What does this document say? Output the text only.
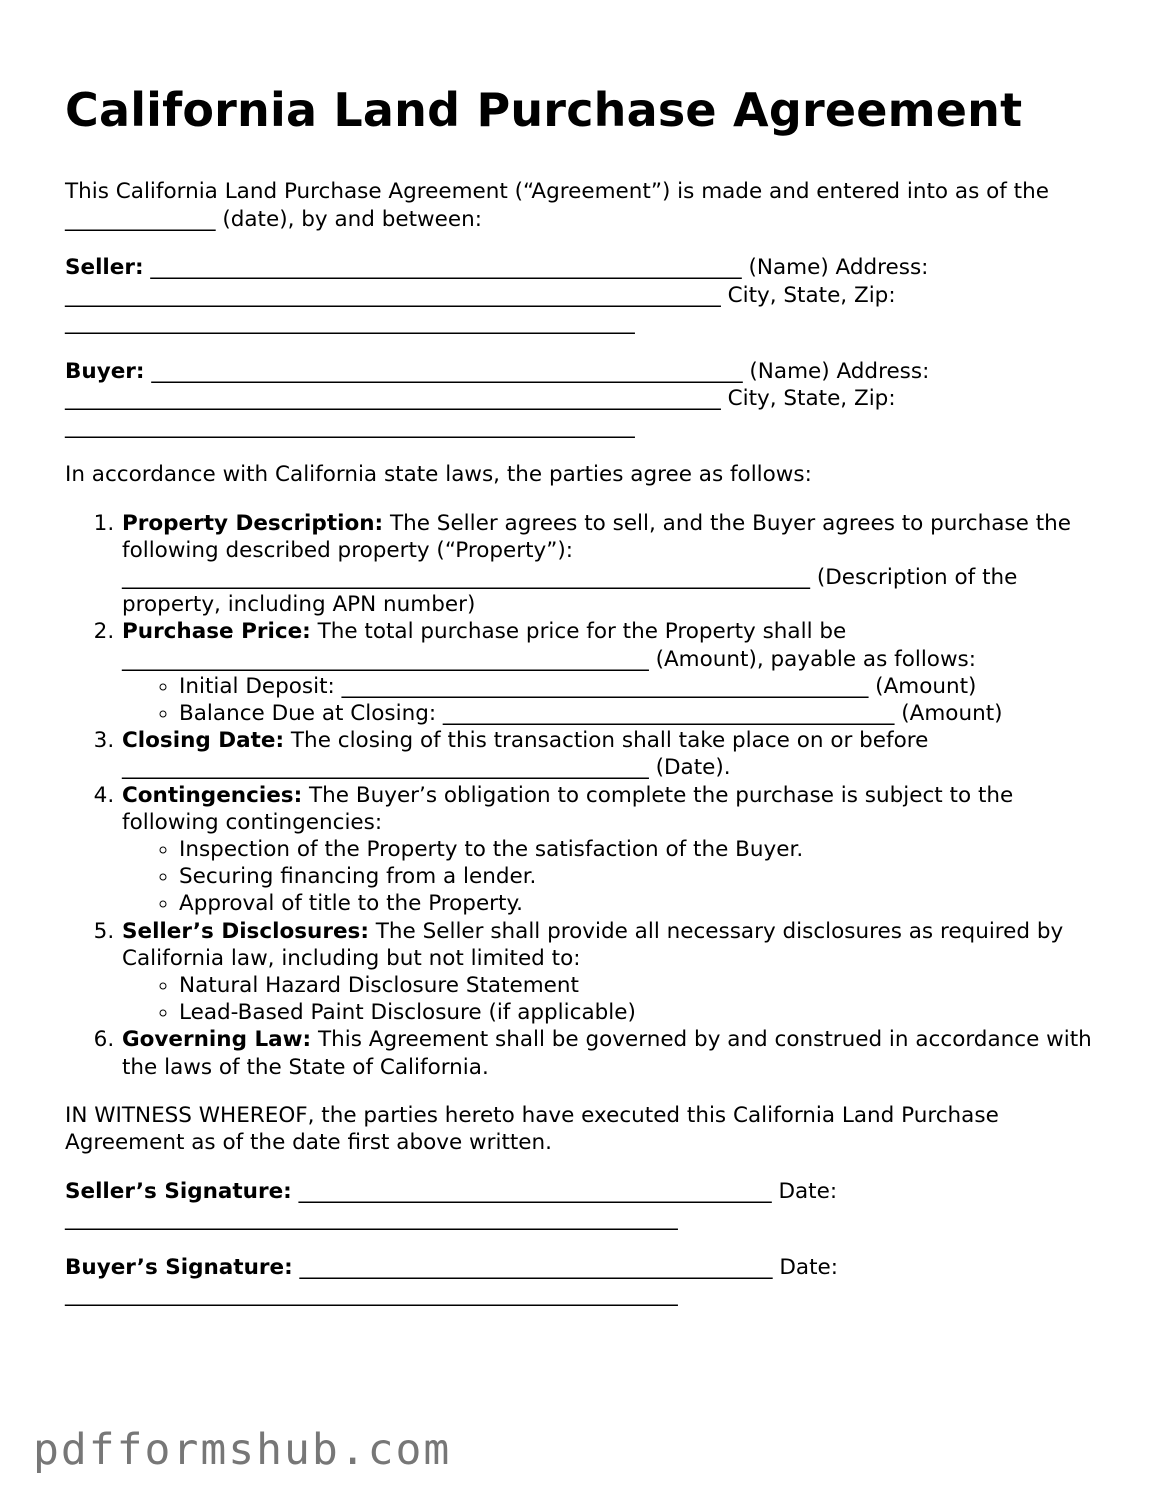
California Land Purchase Agreement

This California Land Purchase Agreement (“Agreement”) is made and entered into as of the ______________ (date), by and between:

Seller: _______________________________________________________ (Name) Address: _____________________________________________________________ City, State, Zip: _____________________________________________________

Buyer: _______________________________________________________ (Name) Address: _____________________________________________________________ City, State, Zip: _____________________________________________________

In accordance with California state laws, the parties agree as follows:

1. Property Description: The Seller agrees to sell, and the Buyer agrees to purchase the following described property (“Property”): ________________________________________________________________ (Description of the property, including APN number)
2. Purchase Price: The total purchase price for the Property shall be _________________________________________________ (Amount), payable as follows:
◦ Initial Deposit: _________________________________________________ (Amount)
◦ Balance Due at Closing: __________________________________________ (Amount)
3. Closing Date: The closing of this transaction shall take place on or before _________________________________________________ (Date).
4. Contingencies: The Buyer’s obligation to complete the purchase is subject to the following contingencies:
◦ Inspection of the Property to the satisfaction of the Buyer.
◦ Securing financing from a lender.
◦ Approval of title to the Property.
5. Seller’s Disclosures: The Seller shall provide all necessary disclosures as required by California law, including but not limited to:
◦ Natural Hazard Disclosure Statement
◦ Lead-Based Paint Disclosure (if applicable)
6. Governing Law: This Agreement shall be governed by and construed in accordance with the laws of the State of California.

IN WITNESS WHEREOF, the parties hereto have executed this California Land Purchase Agreement as of the date first above written.

Seller’s Signature: ____________________________________________ Date: _________________________________________________________

Buyer’s Signature: ____________________________________________ Date: _________________________________________________________

pdfformshub.com
